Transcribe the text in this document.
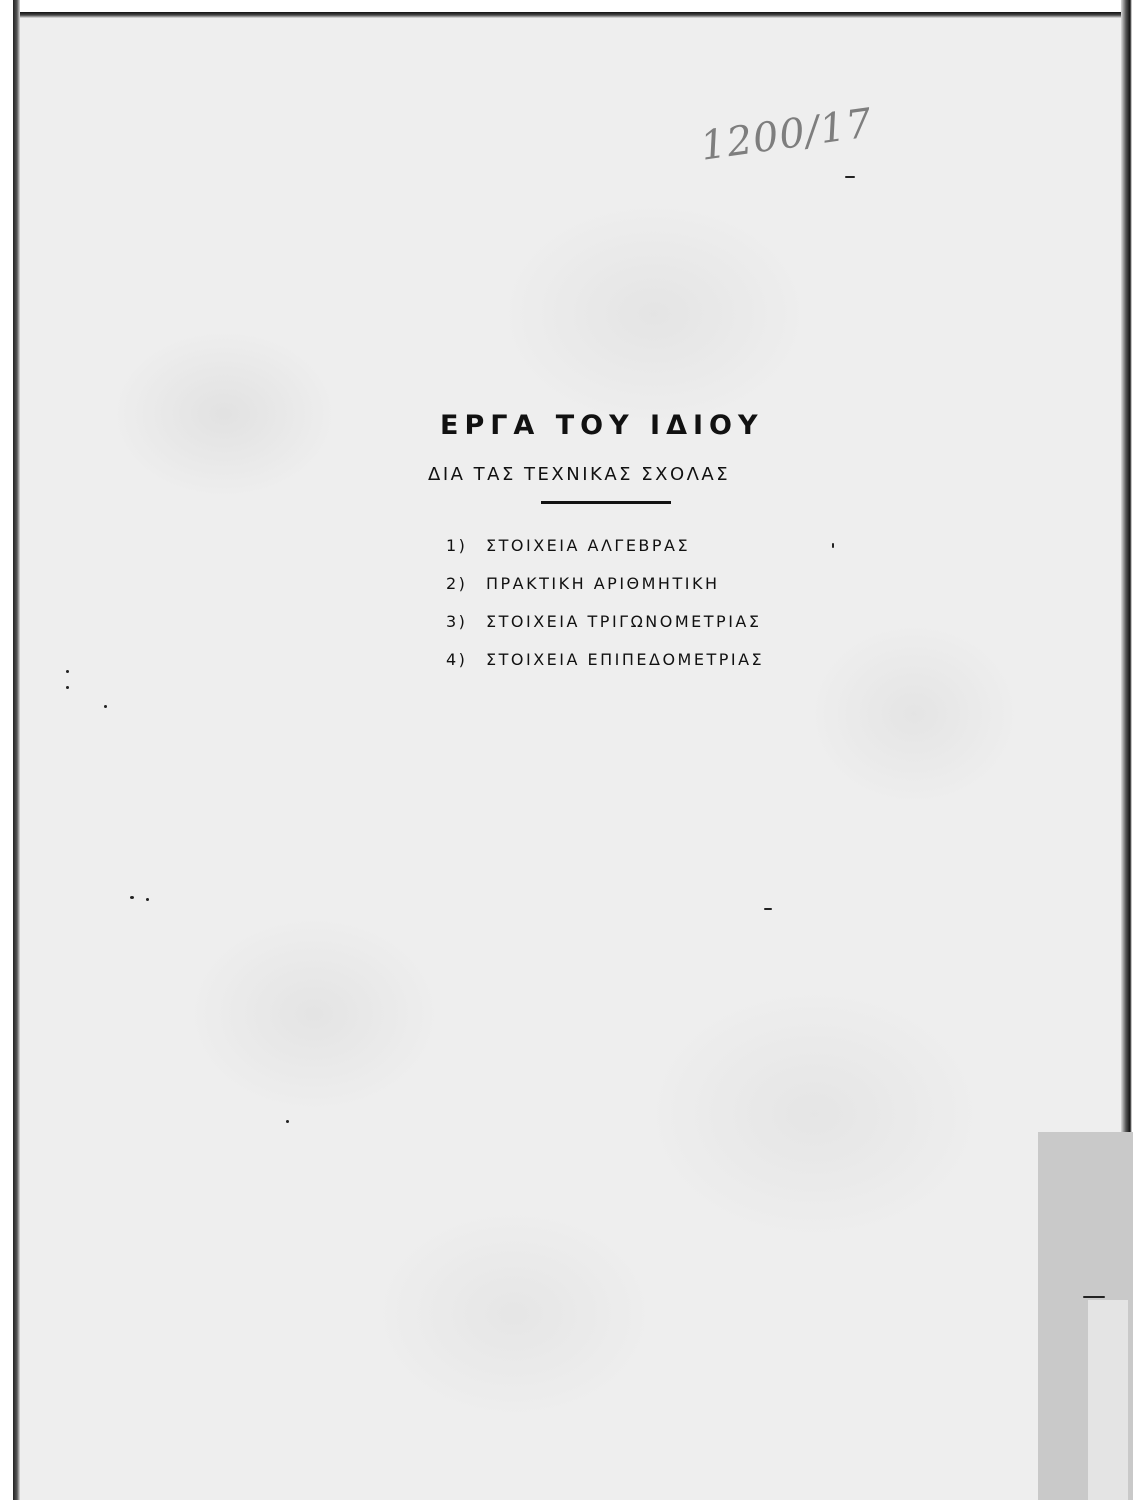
1200/17
ΕΡΓΑ ΤΟΥ ΙΔΙΟΥ
ΔΙΑ ΤΑΣ ΤΕΧΝΙΚΑΣ ΣΧΟΛΑΣ
1)	ΣΤΟΙΧΕΙΑ ΑΛΓΕΒΡΑΣ
2)	ΠΡΑΚΤΙΚΗ ΑΡΙΘΜΗΤΙΚΗ
3)	ΣΤΟΙΧΕΙΑ ΤΡΙΓΩΝΟΜΕΤΡΙΑΣ
4)	ΣΤΟΙΧΕΙΑ ΕΠΙΠΕΔΟΜΕΤΡΙΑΣ
